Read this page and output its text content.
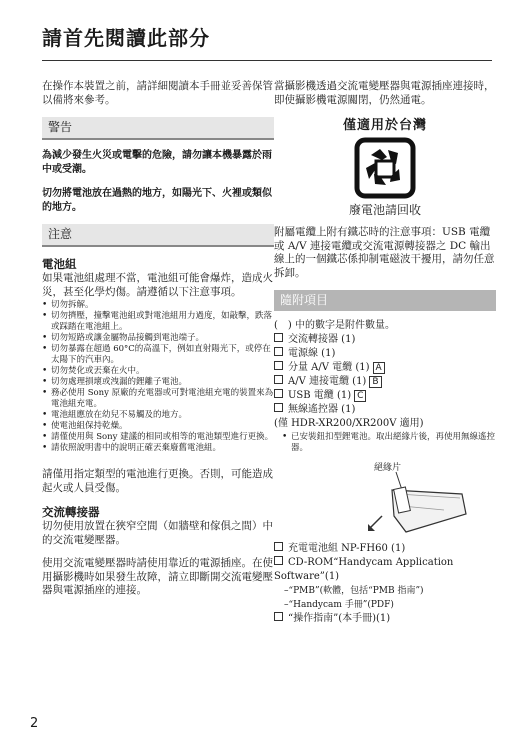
請首先閱讀此部分

在操作本裝置之前，請詳細閱讀本手冊並妥善保管以備將來參考。

警告

為減少發生火災或電擊的危險，請勿讓本機暴露於雨中或受潮。

切勿將電池放在過熱的地方，如陽光下、火裡或類似的地方。

注意

電池組

如果電池組處理不當，電池組可能會爆炸，造成火災，甚至化學灼傷。請遵循以下注意事項。

• 切勿拆解。
• 切勿擠壓，撞擊電池組或對電池組用力過度，如敲擊，跌落或踩踏在電池組上。
• 切勿短路或讓金屬物品接觸到電池端子。
• 切勿暴露在超過 60°C的高溫下，例如直射陽光下，或停在太陽下的汽車內。
• 切勿焚化或丟棄在火中。
• 切勿處理損壞或洩漏的鋰離子電池。
• 務必使用 Sony 原廠的充電器或可對電池組充電的裝置來為電池組充電。
• 電池組應放在幼兒不易觸及的地方。
• 使電池組保持乾燥。
• 請僅使用與 Sony 建議的相同或相等的電池類型進行更換。
• 請依照說明書中的說明正確丟棄廢舊電池組。

請僅用指定類型的電池進行更換。否則，可能造成起火或人員受傷。

交流轉接器

切勿使用放置在狹窄空間（如牆壁和傢俱之間）中的交流電變壓器。

使用交流電變壓器時請使用靠近的電源插座。在使用攝影機時如果發生故障，請立即斷開交流電變壓器與電源插座的連接。

當攝影機透過交流電變壓器與電源插座連接時，即使攝影機電源關閉，仍然通電。

僅適用於台灣
廢電池請回收

附屬電纜上附有鐵芯時的注意事項：USB 電纜或 A/V 連接電纜或交流電源轉接器之 DC 輸出線上的一個鐵芯係抑制電磁波干擾用，請勿任意拆卸。

隨附項目
(　) 中的數字是附件數量。
交流轉接器 (1)
電源線 (1)
分量 A/V 電纜 (1) A
A/V 連接電纜 (1) B
USB 電纜 (1) C
無線遙控器 (1)
(僅 HDR-XR200/XR200V 適用)
• 已安裝鈕扣型鋰電池。取出絕緣片後，再使用無線遙控器。
絕緣片
充電電池組 NP-FH60 (1)
CD-ROM“Handycam Application Software”(1)
–“PMB”(軟體，包括“PMB 指南”)
–“Handycam 手冊”(PDF)
“操作指南”(本手冊)(1)
2
